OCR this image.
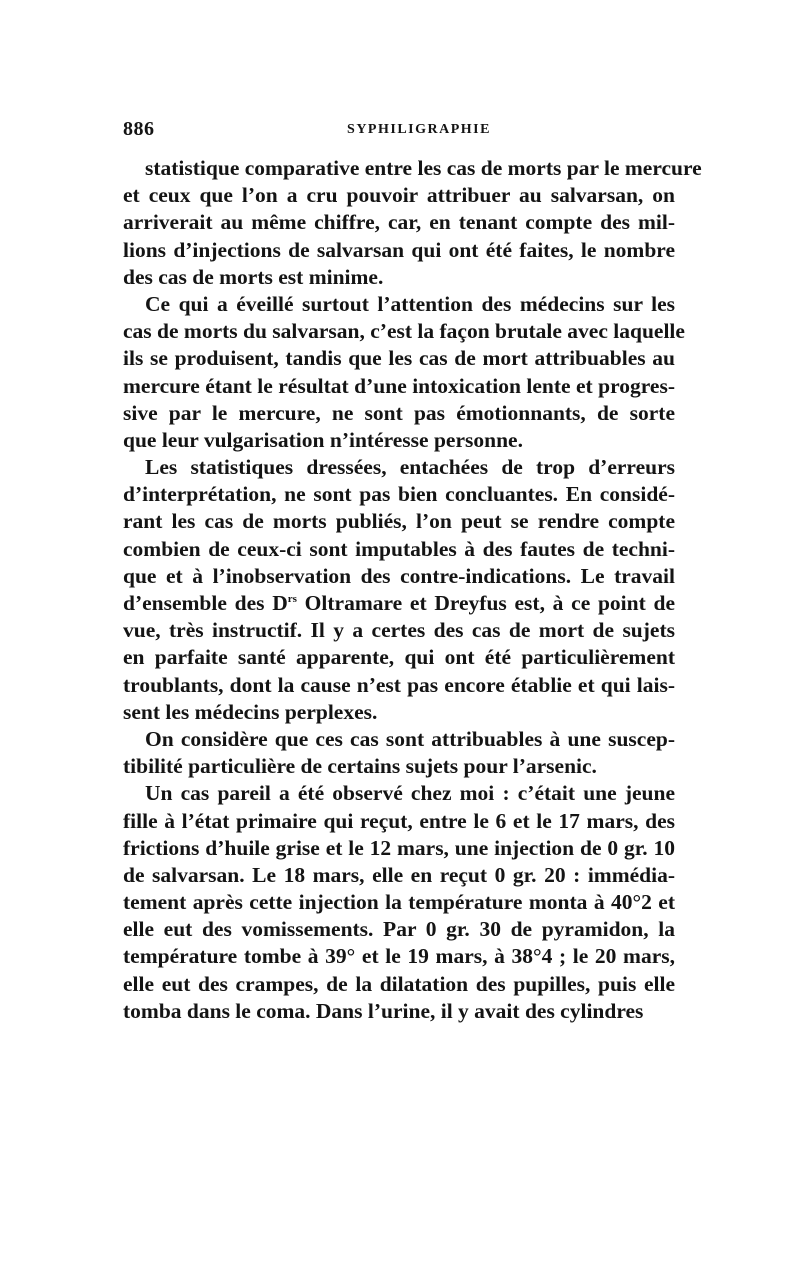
886	SYPHILIGRAPHIE
statistique comparative entre les cas de morts par le mercure
et ceux que l’on a cru pouvoir attribuer au salvarsan, on
arriverait au même chiffre, car, en tenant compte des mil-
lions d’injections de salvarsan qui ont été faites, le nombre
des cas de morts est minime.
Ce qui a éveillé surtout l’attention des médecins sur les
cas de morts du salvarsan, c’est la façon brutale avec laquelle
ils se produisent, tandis que les cas de mort attribuables au
mercure étant le résultat d’une intoxication lente et progres-
sive par le mercure, ne sont pas émotionnants, de sorte
que leur vulgarisation n’intéresse personne.
Les statistiques dressées, entachées de trop d’erreurs
d’interprétation, ne sont pas bien concluantes. En considé-
rant les cas de morts publiés, l’on peut se rendre compte
combien de ceux-ci sont imputables à des fautes de techni-
que et à l’inobservation des contre-indications. Le travail
d’ensemble des $D^{rs}$ Oltramare et Dreyfus est, à ce point de
vue, très instructif. Il y a certes des cas de mort de sujets
en parfaite santé apparente, qui ont été particulièrement
troublants, dont la cause n’est pas encore établie et qui lais-
sent les médecins perplexes.
On considère que ces cas sont attribuables à une suscep-
tibilité particulière de certains sujets pour l’arsenic.
Un cas pareil a été observé chez moi : c’était une jeune
fille à l’état primaire qui reçut, entre le 6 et le 17 mars, des
frictions d’huile grise et le 12 mars, une injection de 0 gr. 10
de salvarsan. Le 18 mars, elle en reçut 0 gr. 20 : immédia-
tement après cette injection la température monta à 40°2 et
elle eut des vomissements. Par 0 gr. 30 de pyramidon, la
température tombe à 39° et le 19 mars, à 38°4 ; le 20 mars,
elle eut des crampes, de la dilatation des pupilles, puis elle
tomba dans le coma. Dans l’urine, il y avait des cylindres
